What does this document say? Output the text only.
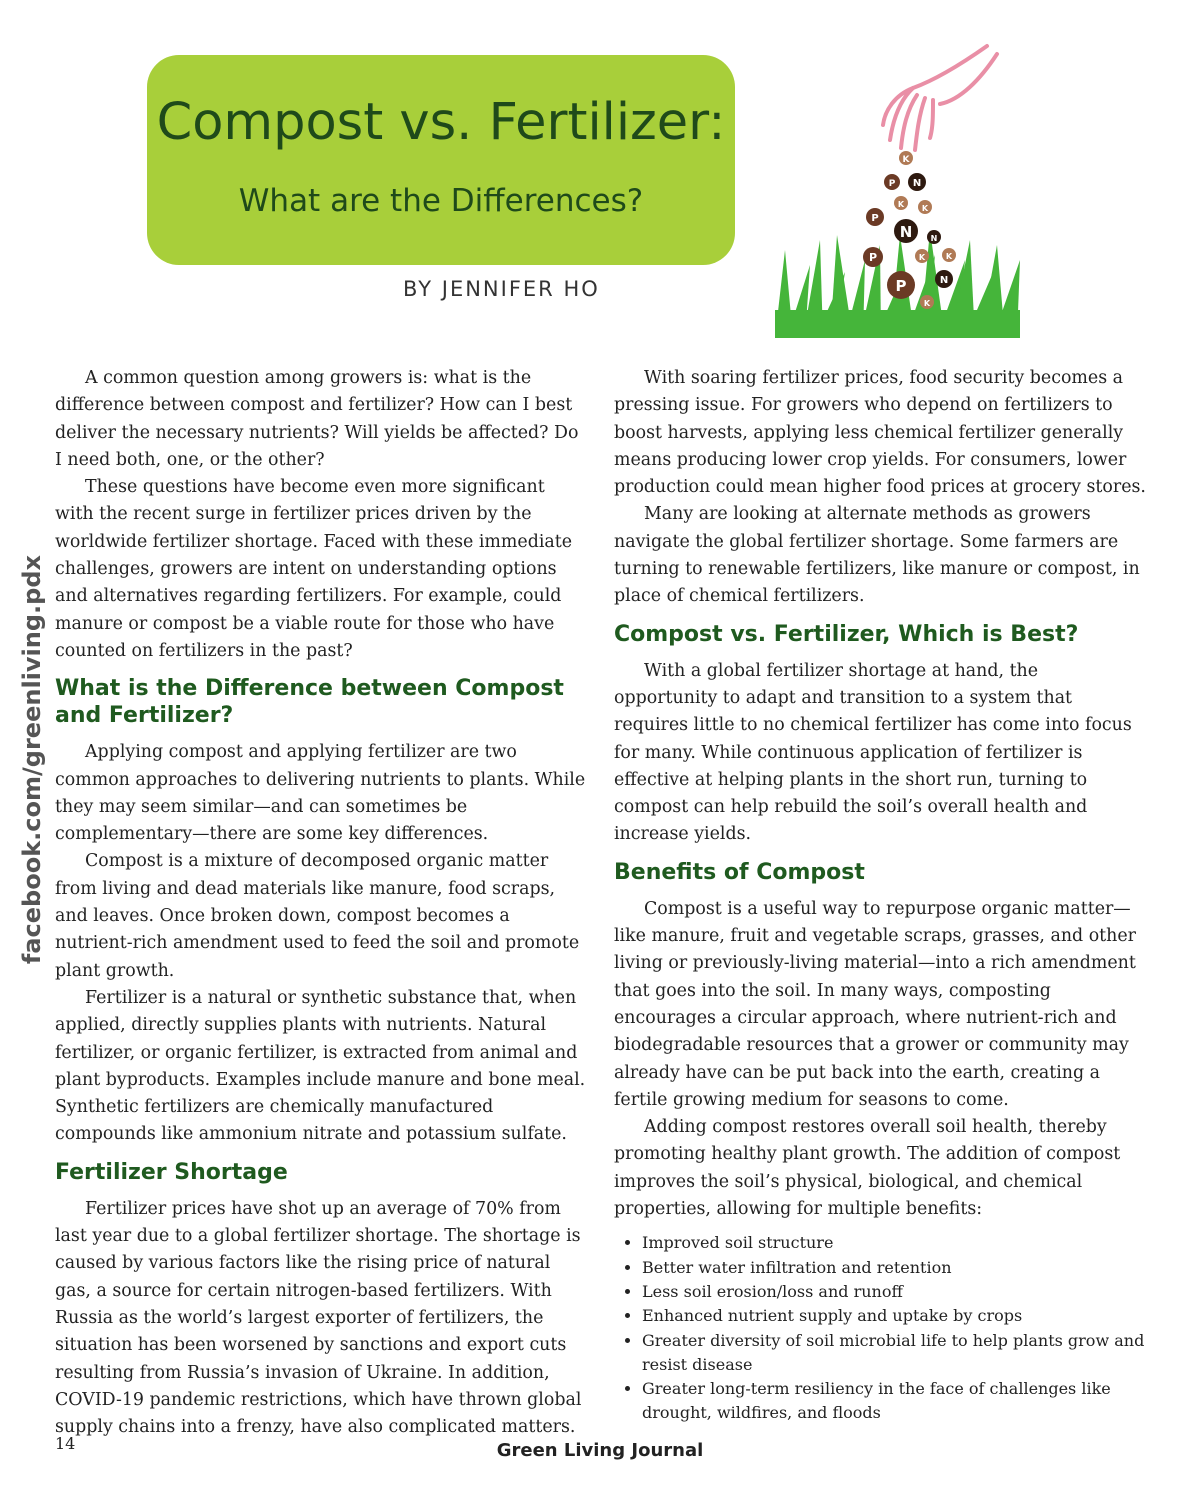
Compost vs. Fertilizer:
What are the Differences?
BY JENNIFER HO
K
P N
K K
P
N N
P	K	K
P	N
K
facebook.com/greenliving.pdx

A common question among growers is: what is the difference between compost and fertilizer? How can I best deliver the necessary nutrients? Will yields be affected? Do I need both, one, or the other?

These questions have become even more significant with the recent surge in fertilizer prices driven by the worldwide fertilizer shortage. Faced with these immediate challenges, growers are intent on understanding options and alternatives regarding fertilizers. For example, could manure or compost be a viable route for those who have counted on fertilizers in the past?

What is the Difference between Compost and Fertilizer?

Applying compost and applying fertilizer are two common approaches to delivering nutrients to plants. While they may seem similar—and can sometimes be complementary—there are some key differences.

Compost is a mixture of decomposed organic matter from living and dead materials like manure, food scraps, and leaves. Once broken down, compost becomes a nutrient-rich amendment used to feed the soil and promote plant growth.

Fertilizer is a natural or synthetic substance that, when applied, directly supplies plants with nutrients. Natural fertilizer, or organic fertilizer, is extracted from animal and plant byproducts. Examples include manure and bone meal. Synthetic fertilizers are chemically manufactured compounds like ammonium nitrate and potassium sulfate.

Fertilizer Shortage

Fertilizer prices have shot up an average of 70% from last year due to a global fertilizer shortage. The shortage is caused by various factors like the rising price of natural gas, a source for certain nitrogen-based fertilizers. With Russia as the world’s largest exporter of fertilizers, the situation has been worsened by sanctions and export cuts resulting from Russia’s invasion of Ukraine. In addition, COVID-19 pandemic restrictions, which have thrown global supply chains into a frenzy, have also complicated matters.

With soaring fertilizer prices, food security becomes a pressing issue. For growers who depend on fertilizers to boost harvests, applying less chemical fertilizer generally means producing lower crop yields. For consumers, lower production could mean higher food prices at grocery stores.

Many are looking at alternate methods as growers navigate the global fertilizer shortage. Some farmers are turning to renewable fertilizers, like manure or compost, in place of chemical fertilizers.

Compost vs. Fertilizer, Which is Best?

With a global fertilizer shortage at hand, the opportunity to adapt and transition to a system that requires little to no chemical fertilizer has come into focus for many. While continuous application of fertilizer is effective at helping plants in the short run, turning to compost can help rebuild the soil’s overall health and increase yields.

Benefits of Compost

Compost is a useful way to repurpose organic matter—like manure, fruit and vegetable scraps, grasses, and other living or previously-living material—into a rich amendment that goes into the soil. In many ways, composting encourages a circular approach, where nutrient-rich and biodegradable resources that a grower or community may already have can be put back into the earth, creating a fertile growing medium for seasons to come.

Adding compost restores overall soil health, thereby promoting healthy plant growth. The addition of compost improves the soil’s physical, biological, and chemical properties, allowing for multiple benefits:

• Improved soil structure
• Better water infiltration and retention
• Less soil erosion/loss and runoff
• Enhanced nutrient supply and uptake by crops
• Greater diversity of soil microbial life to help plants grow and resist disease
• Greater long-term resiliency in the face of challenges like drought, wildfires, and floods
14	Green Living Journal
